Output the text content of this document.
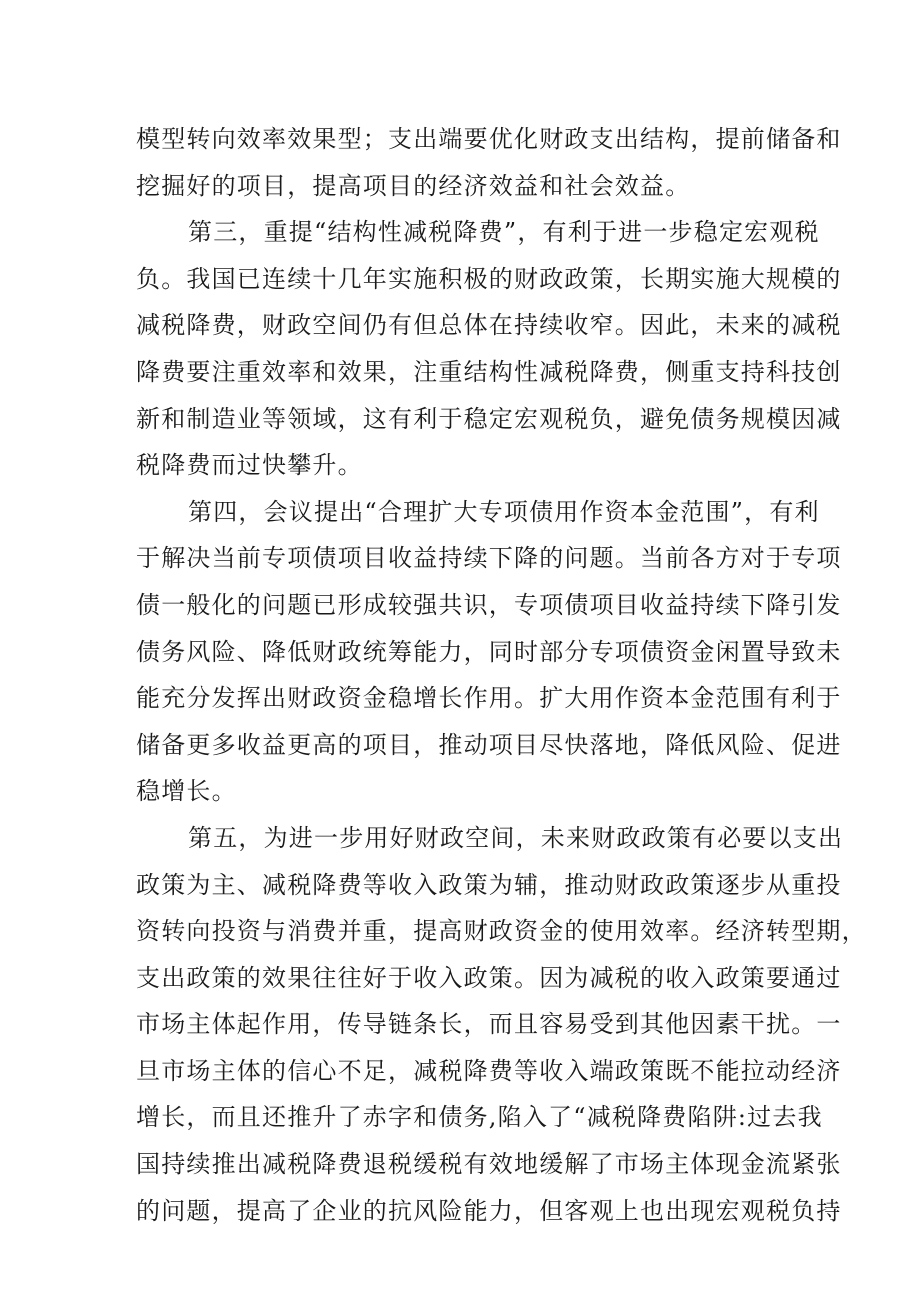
模型转向效率效果型；支出端要优化财政支出结构，提前储备和
挖掘好的项目，提高项目的经济效益和社会效益。
第三，重提“结构性减税降费”，有利于进一步稳定宏观税
负。我国已连续十几年实施积极的财政政策，长期实施大规模的
减税降费，财政空间仍有但总体在持续收窄。因此，未来的减税
降费要注重效率和效果，注重结构性减税降费，侧重支持科技创
新和制造业等领域，这有利于稳定宏观税负，避免债务规模因减
税降费而过快攀升。
第四，会议提出“合理扩大专项债用作资本金范围”，有利
于解决当前专项债项目收益持续下降的问题。当前各方对于专项
债一般化的问题已形成较强共识，专项债项目收益持续下降引发
债务风险、降低财政统筹能力，同时部分专项债资金闲置导致未
能充分发挥出财政资金稳增长作用。扩大用作资本金范围有利于
储备更多收益更高的项目，推动项目尽快落地，降低风险、促进
稳增长。
第五，为进一步用好财政空间，未来财政政策有必要以支出
政策为主、减税降费等收入政策为辅，推动财政政策逐步从重投
资转向投资与消费并重，提高财政资金的使用效率。经济转型期，
支出政策的效果往往好于收入政策。因为减税的收入政策要通过
市场主体起作用，传导链条长，而且容易受到其他因素干扰。一
旦市场主体的信心不足，减税降费等收入端政策既不能拉动经济
增长，而且还推升了赤字和债务,陷入了“减税降费陷阱:过去我
国持续推出减税降费退税缓税有效地缓解了市场主体现金流紧张
的问题，提高了企业的抗风险能力，但客观上也出现宏观税负持
